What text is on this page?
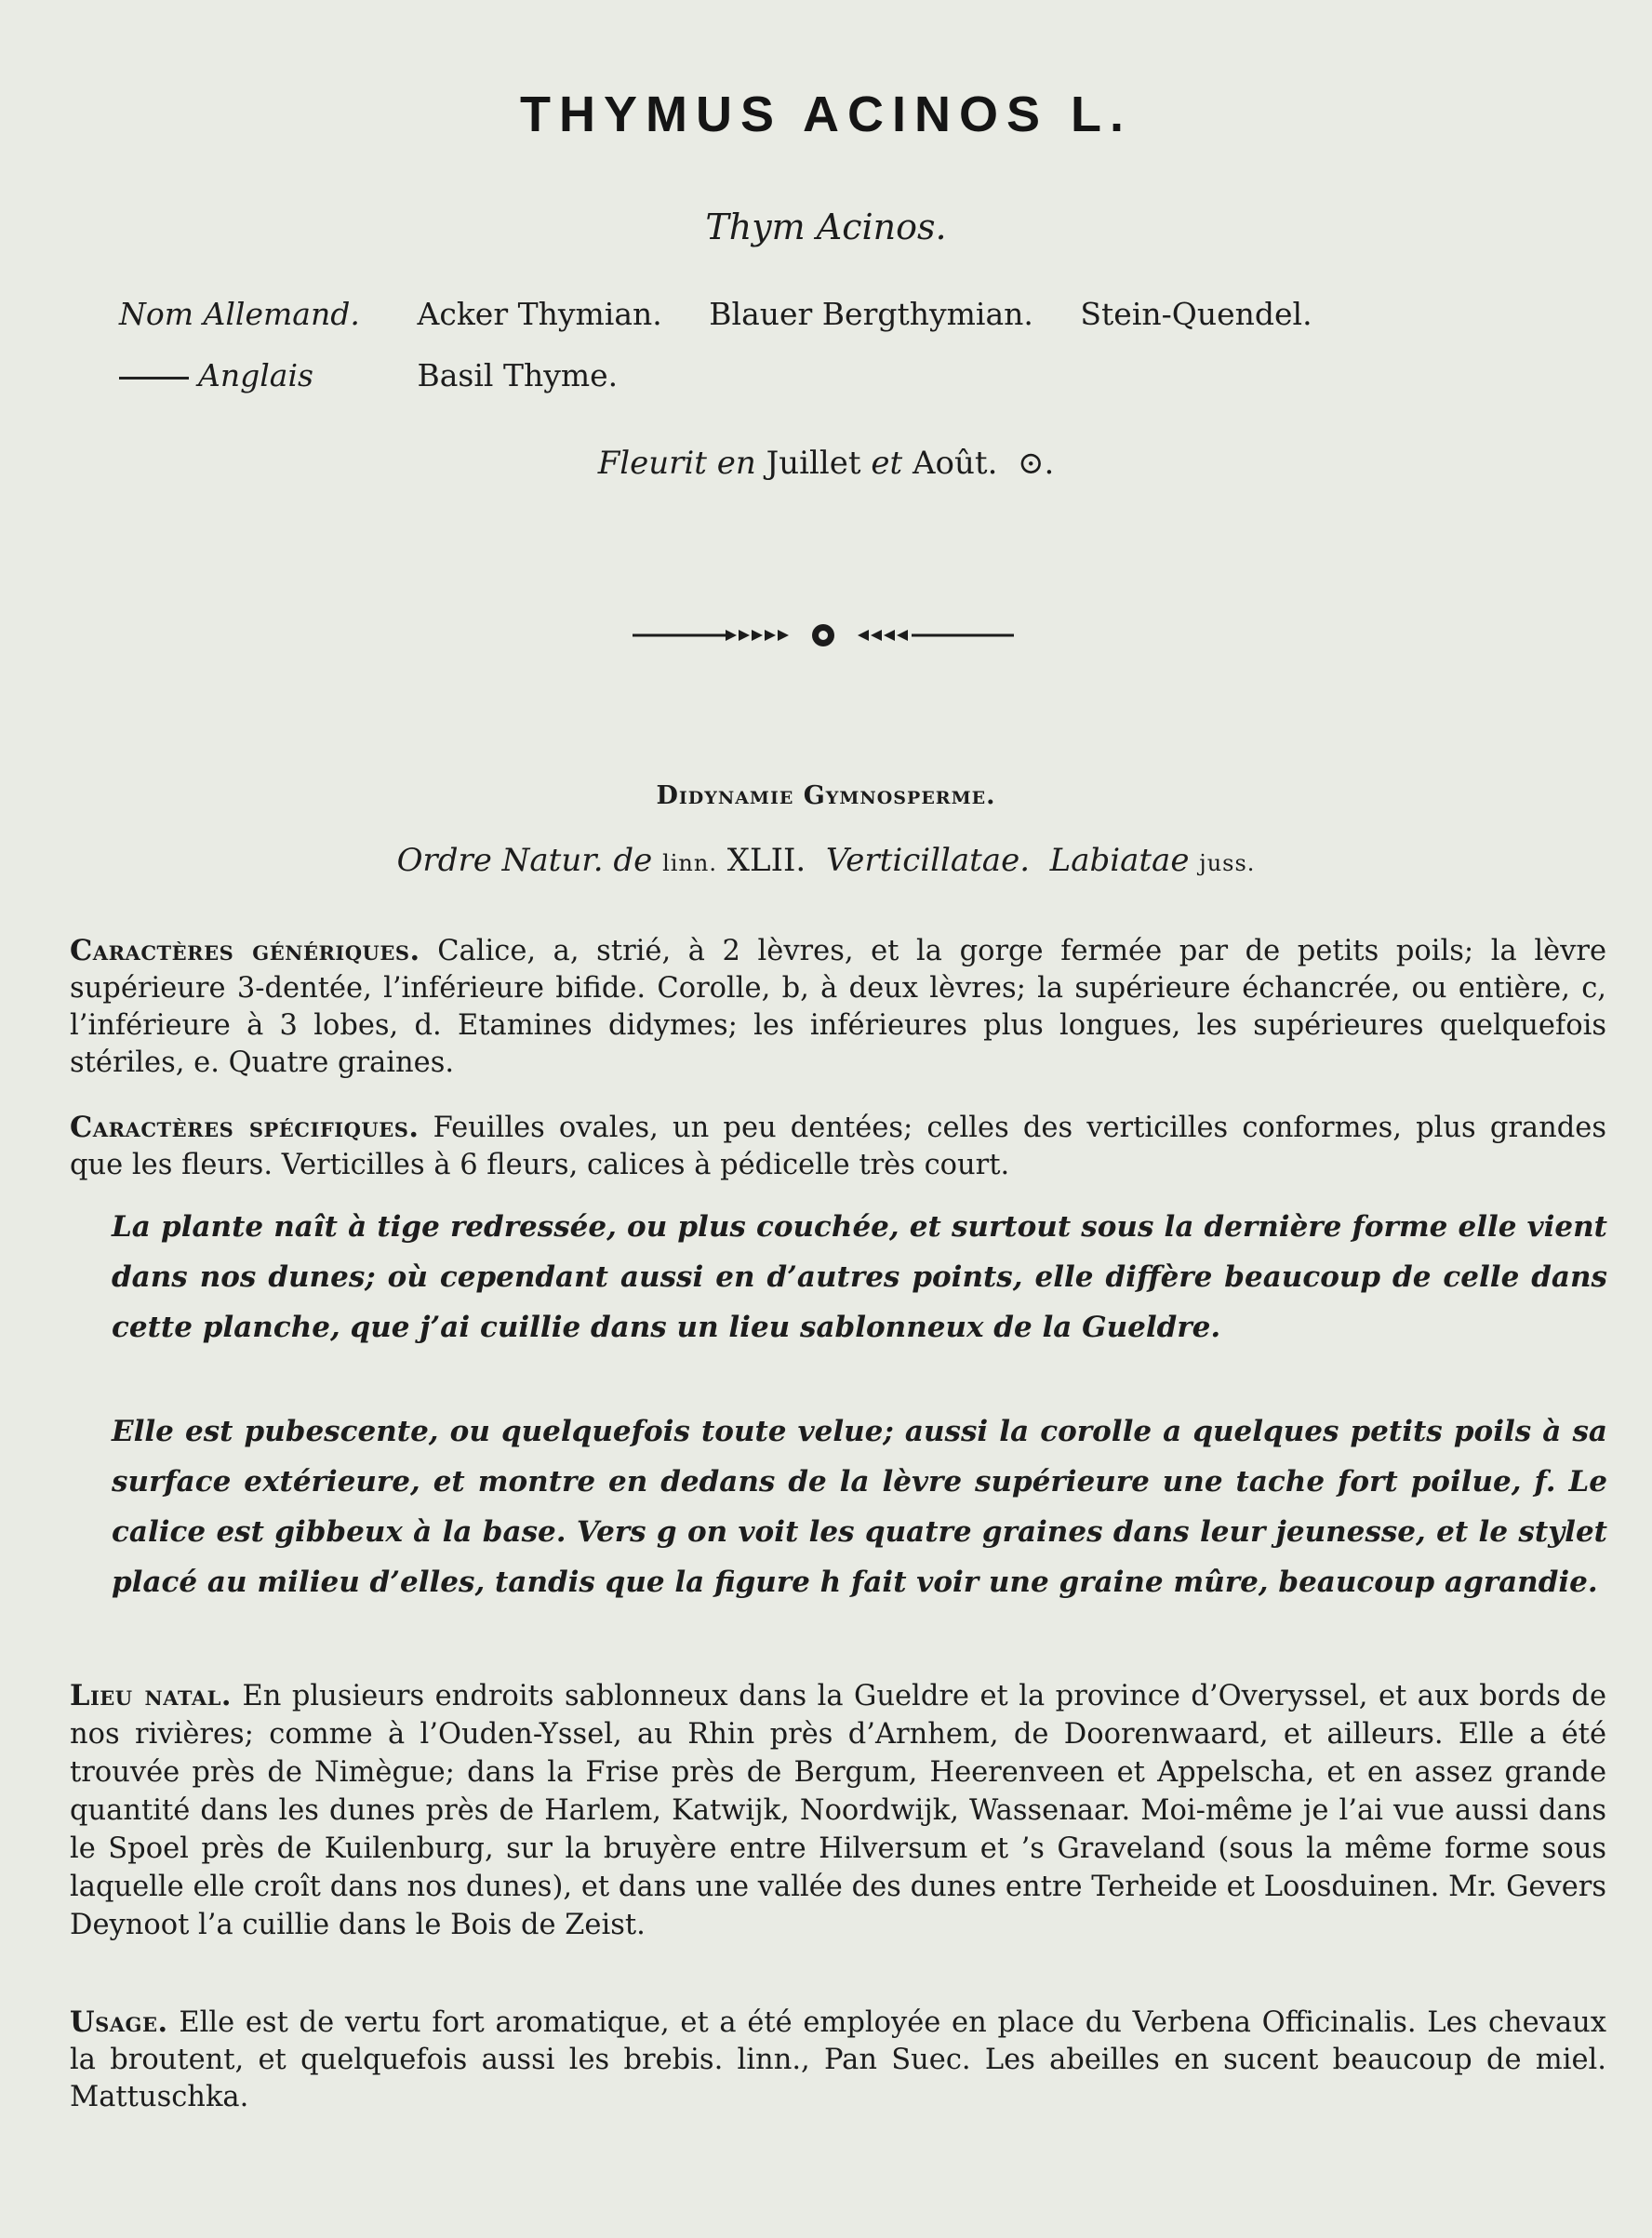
THYMUS ACINOS L.
Thym Acinos.
Nom Allemand. Acker Thymian. Blauer Bergthymian. Stein-Quendel.
Anglais	Basil Thyme.
Fleurit en Juillet et Août. ⊙.
Didynamie Gymnosperme.
Ordre Natur. de linn. XLII. Verticillatae. Labiatae juss.
Caractères génériques. Calice, a, strié, à 2 lèvres, et la gorge fermée par de petits poils; la lèvre supérieure 3-dentée, l’inférieure bifide. Corolle, b, à deux lèvres; la supérieure échancrée, ou entière, c, l’inférieure à 3 lobes, d. Etamines didymes; les inférieures plus longues, les supérieures quelquefois stériles, e. Quatre graines.
Caractères spécifiques. Feuilles ovales, un peu dentées; celles des verticilles conformes, plus grandes que les fleurs. Verticilles à 6 fleurs, calices à pédicelle très court.
La plante naît à tige redressée, ou plus couchée, et surtout sous la dernière forme elle vient dans nos dunes; où cependant aussi en d’autres points, elle diffère beaucoup de celle dans cette planche, que j’ai cuillie dans un lieu sablonneux de la Gueldre.
Elle est pubescente, ou quelquefois toute velue; aussi la corolle a quelques petits poils à sa surface extérieure, et montre en dedans de la lèvre supérieure une tache fort poilue, f. Le calice est gibbeux à la base. Vers g on voit les quatre graines dans leur jeunesse, et le stylet placé au milieu d’elles, tandis que la figure h fait voir une graine mûre, beaucoup agrandie.
Lieu natal. En plusieurs endroits sablonneux dans la Gueldre et la province d’Overyssel, et aux bords de nos rivières; comme à l’Ouden-Yssel, au Rhin près d’Arnhem, de Doorenwaard, et ailleurs. Elle a été trouvée près de Nimègue; dans la Frise près de Bergum, Heerenveen et Appelscha, et en assez grande quantité dans les dunes près de Harlem, Katwijk, Noordwijk, Wassenaar. Moi-même je l’ai vue aussi dans le Spoel près de Kuilenburg, sur la bruyère entre Hilversum et ’s Graveland (sous la même forme sous laquelle elle croît dans nos dunes), et dans une vallée des dunes entre Terheide et Loosduinen. Mr. Gevers Deynoot l’a cuillie dans le Bois de Zeist.
Usage. Elle est de vertu fort aromatique, et a été employée en place du Verbena Officinalis. Les chevaux la broutent, et quelquefois aussi les brebis. linn., Pan Suec. Les abeilles en sucent beaucoup de miel. Mattuschka.
